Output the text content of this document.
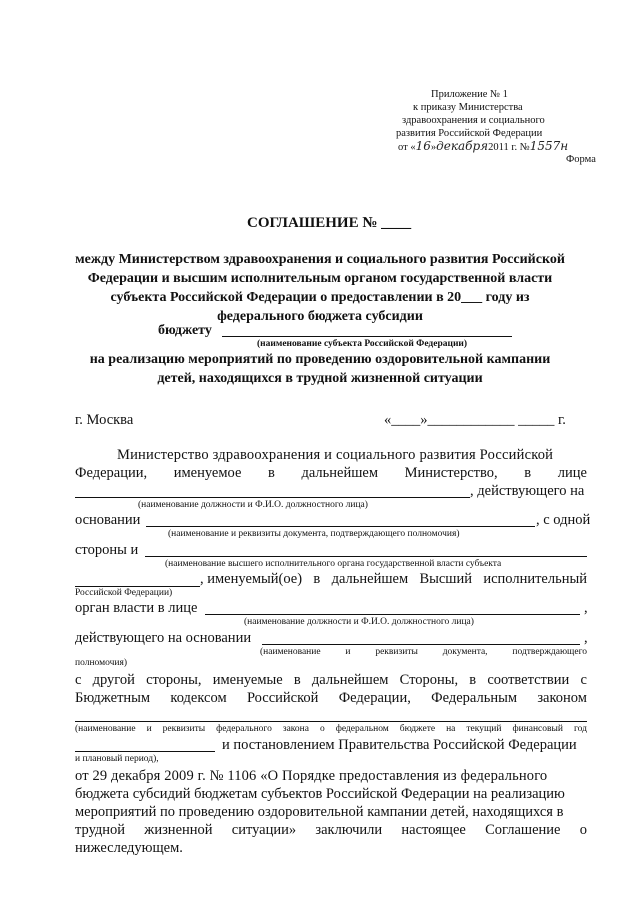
Приложение № 1
к приказу Министерства
здравоохранения и социального
развития Российской Федерации
от «16»декабря2011 г. №1557н
Форма
СОГЛАШЕНИЕ № ____
между Министерством здравоохранения и социального развития Российской
Федерации и высшим исполнительным органом государственной власти
субъекта Российской Федерации о предоставлении в 20___ году из
федерального бюджета субсидии
бюджету
(наименование субъекта Российской Федерации)
на реализацию мероприятий по проведению оздоровительной кампании
детей, находящихся в трудной жизненной ситуации
г. Москва	«____»____________ _____ г.
Министерство здравоохранения и социального развития Российской
Федерации, именуемое в дальнейшем Министерство, в лице
, действующего на
(наименование должности и Ф.И.О. должностного лица)
основании	, с одной
(наименование и реквизиты документа, подтверждающего полномочия)
стороны и
(наименование высшего исполнительного органа государственной власти субъекта
, именуемый(ое) в дальнейшем Высший исполнительный
Российской Федерации)
орган власти в лице	,
(наименование должности и Ф.И.О. должностного лица)
действующего на основании	,
(наименование	и	реквизиты	документа,	подтверждающего
полномочия)
с другой стороны, именуемые в дальнейшем Стороны, в соответствии с
Бюджетным кодексом Российской Федерации, Федеральным законом
(наименование и реквизиты федерального закона о федеральном бюджете на текущий финансовый год
и постановлением Правительства Российской Федерации
и плановый период),
от 29 декабря 2009 г. № 1106 «О Порядке предоставления из федерального
бюджета субсидий бюджетам субъектов Российской Федерации на реализацию
мероприятий по проведению оздоровительной кампании детей, находящихся в
трудной жизненной ситуации» заключили настоящее Соглашение о
нижеследующем.
